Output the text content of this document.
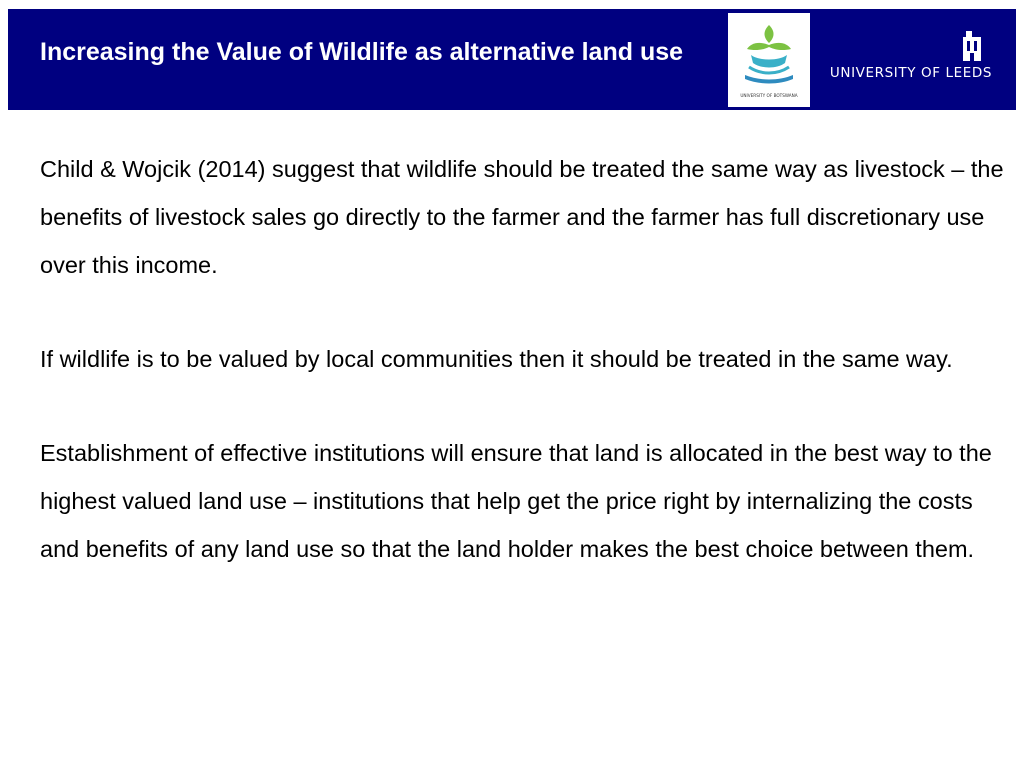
Increasing the Value of Wildlife as alternative land use
UNIVERSITY OF BOTSWANA

UNIVERSITY OF LEEDS

Child & Wojcik (2014) suggest that wildlife should be treated the same way as livestock – the benefits of livestock sales go directly to the farmer and the farmer has full discretionary use over this income.

If wildlife is to be valued by local communities then it should be treated in the same way.

Establishment of effective institutions will ensure that land is allocated in the best way to the highest valued land use – institutions that help get the price right by internalizing the costs and benefits of any land use so that the land holder makes the best choice between them.
